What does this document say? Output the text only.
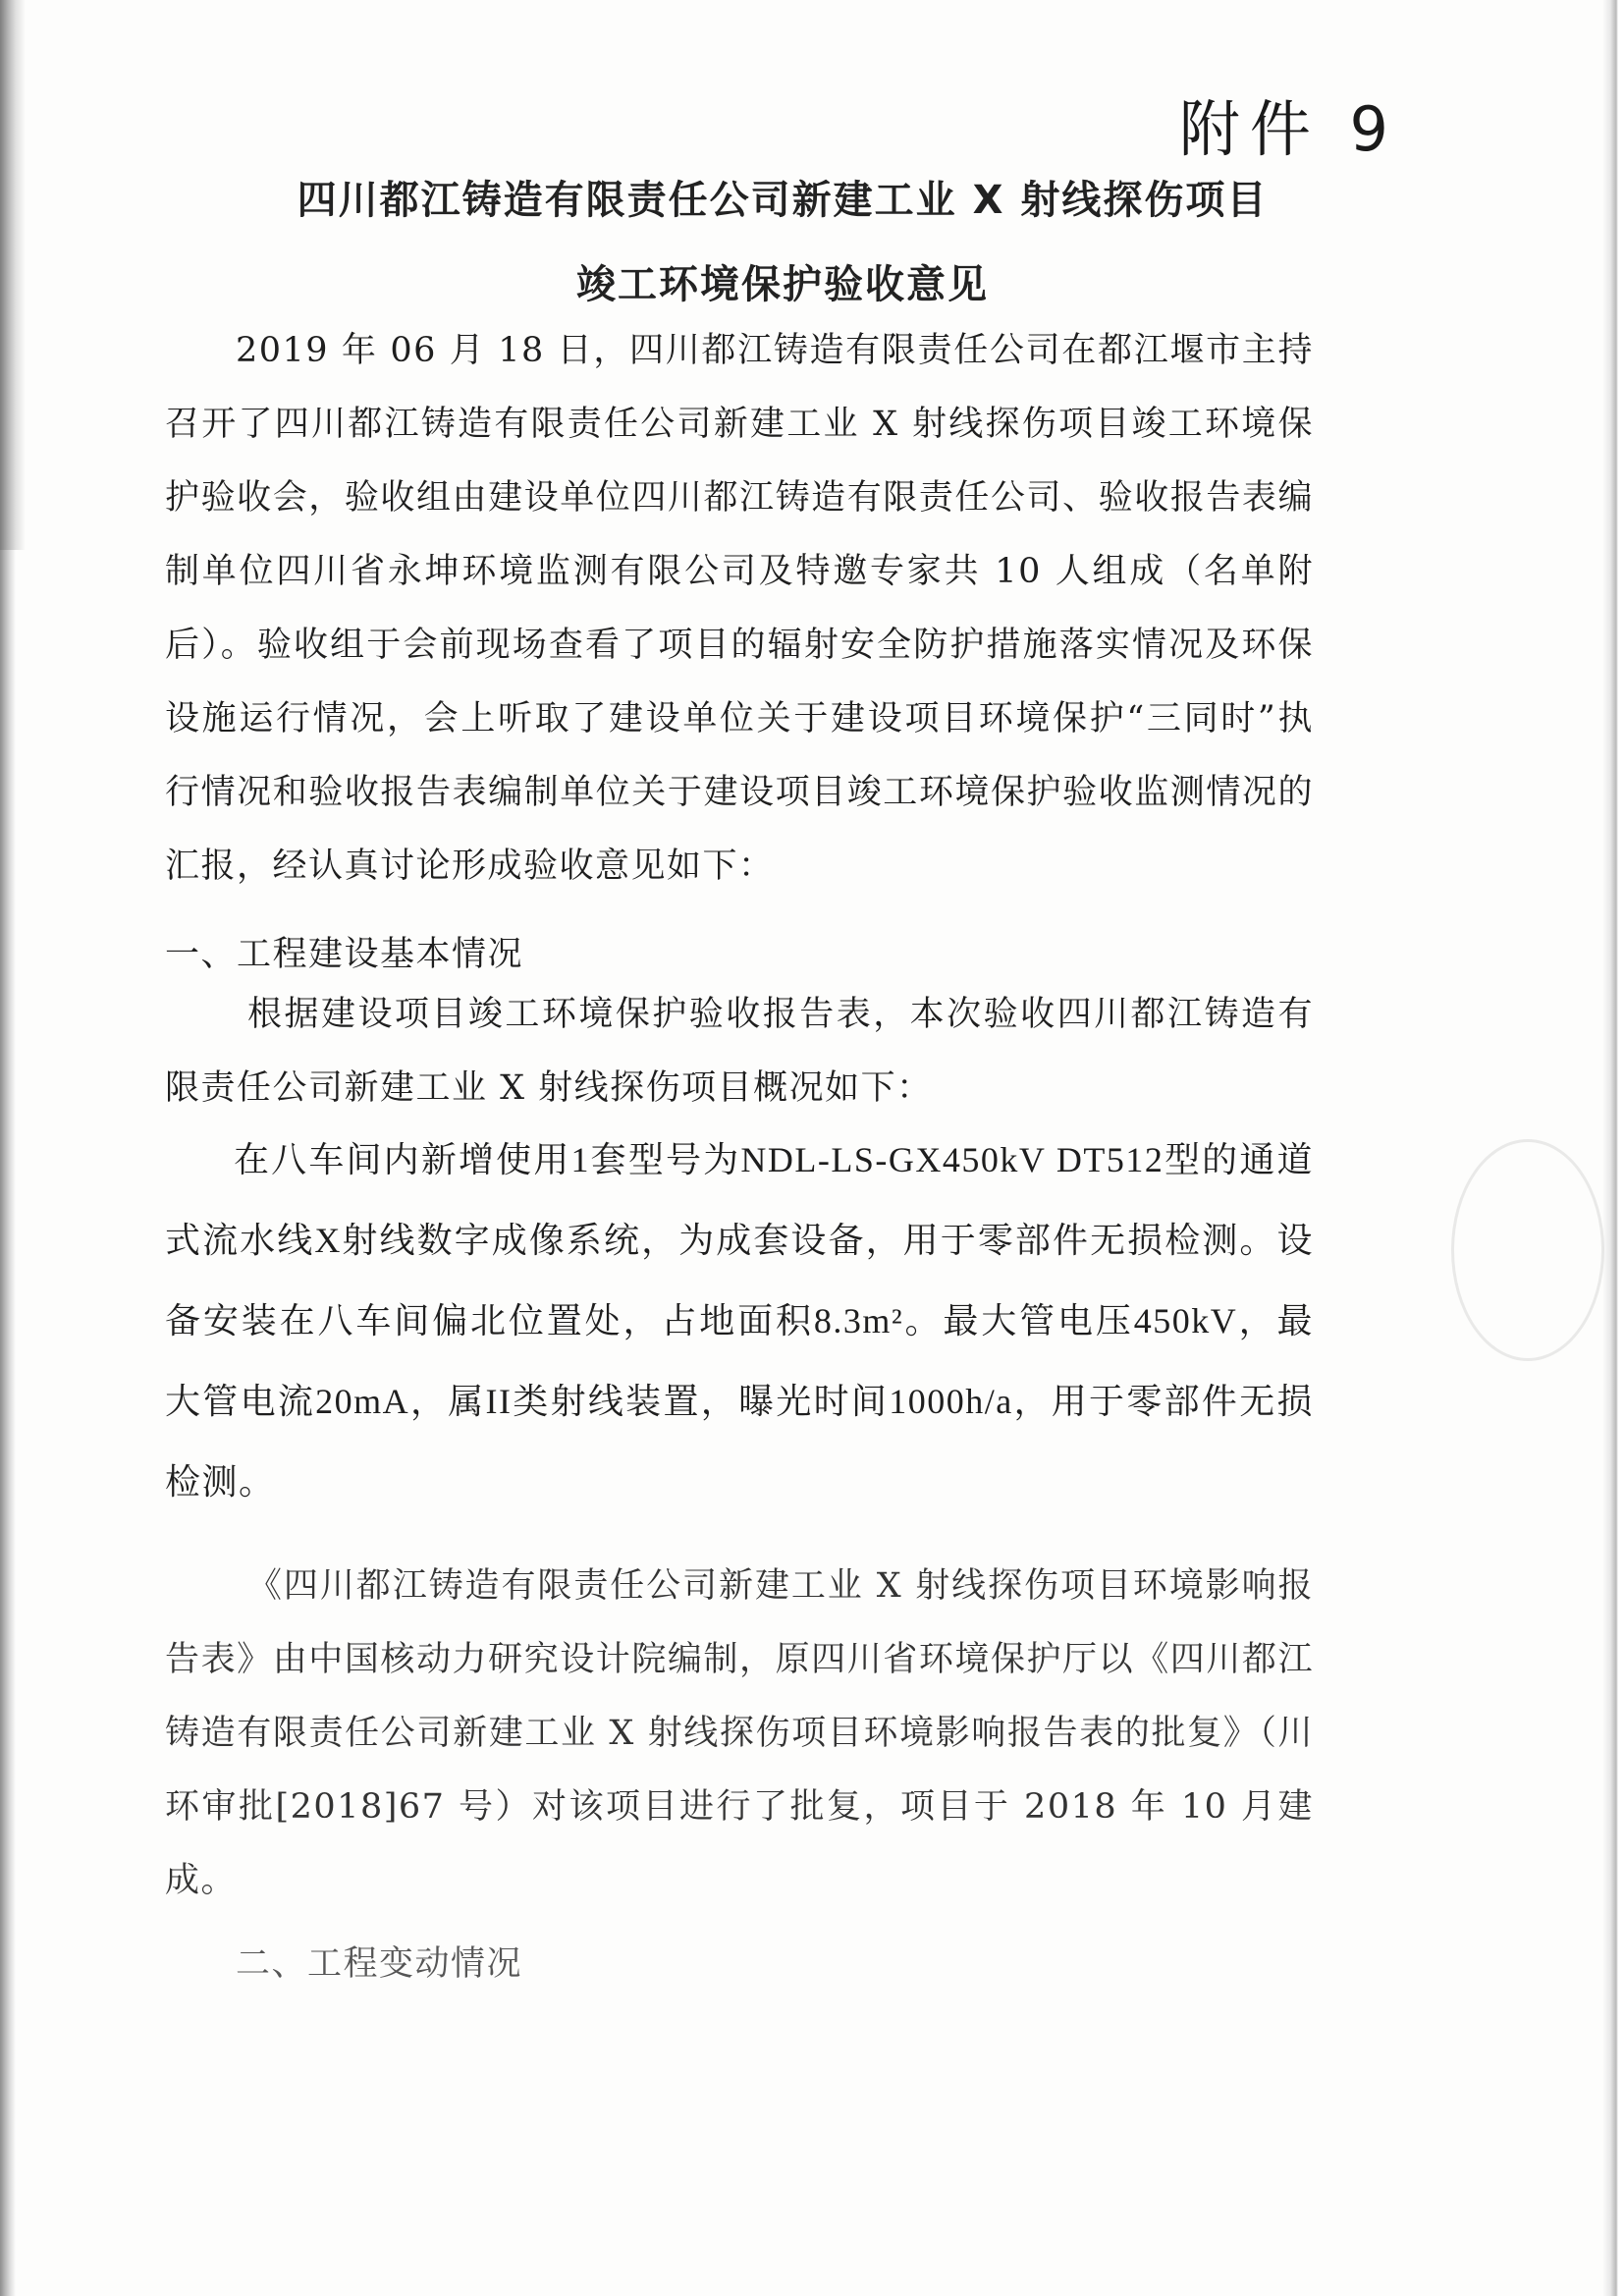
附件 9

四川都江铸造有限责任公司新建工业 X 射线探伤项目
竣工环境保护验收意见

2019 年 06 月 18 日，四川都江铸造有限责任公司在都江堰市主持召开了四川都江铸造有限责任公司新建工业 X 射线探伤项目竣工环境保护验收会，验收组由建设单位四川都江铸造有限责任公司、验收报告表编制单位四川省永坤环境监测有限公司及特邀专家共 10 人组成（名单附后）。验收组于会前现场查看了项目的辐射安全防护措施落实情况及环保设施运行情况，会上听取了建设单位关于建设项目环境保护“三同时”执行情况和验收报告表编制单位关于建设项目竣工环境保护验收监测情况的汇报，经认真讨论形成验收意见如下：

一、工程建设基本情况

根据建设项目竣工环境保护验收报告表，本次验收四川都江铸造有限责任公司新建工业 X 射线探伤项目概况如下：

在八车间内新增使用1套型号为NDL-LS-GX450kV DT512型的通道式流水线X射线数字成像系统，为成套设备，用于零部件无损检测。设备安装在八车间偏北位置处，占地面积8.3m²。最大管电压450kV，最大管电流20mA，属II类射线装置，曝光时间1000h/a，用于零部件无损检测。

《四川都江铸造有限责任公司新建工业 X 射线探伤项目环境影响报告表》由中国核动力研究设计院编制，原四川省环境保护厅以《四川都江铸造有限责任公司新建工业 X 射线探伤项目环境影响报告表的批复》（川环审批[2018]67 号）对该项目进行了批复，项目于 2018 年 10 月建成。

二、工程变动情况
